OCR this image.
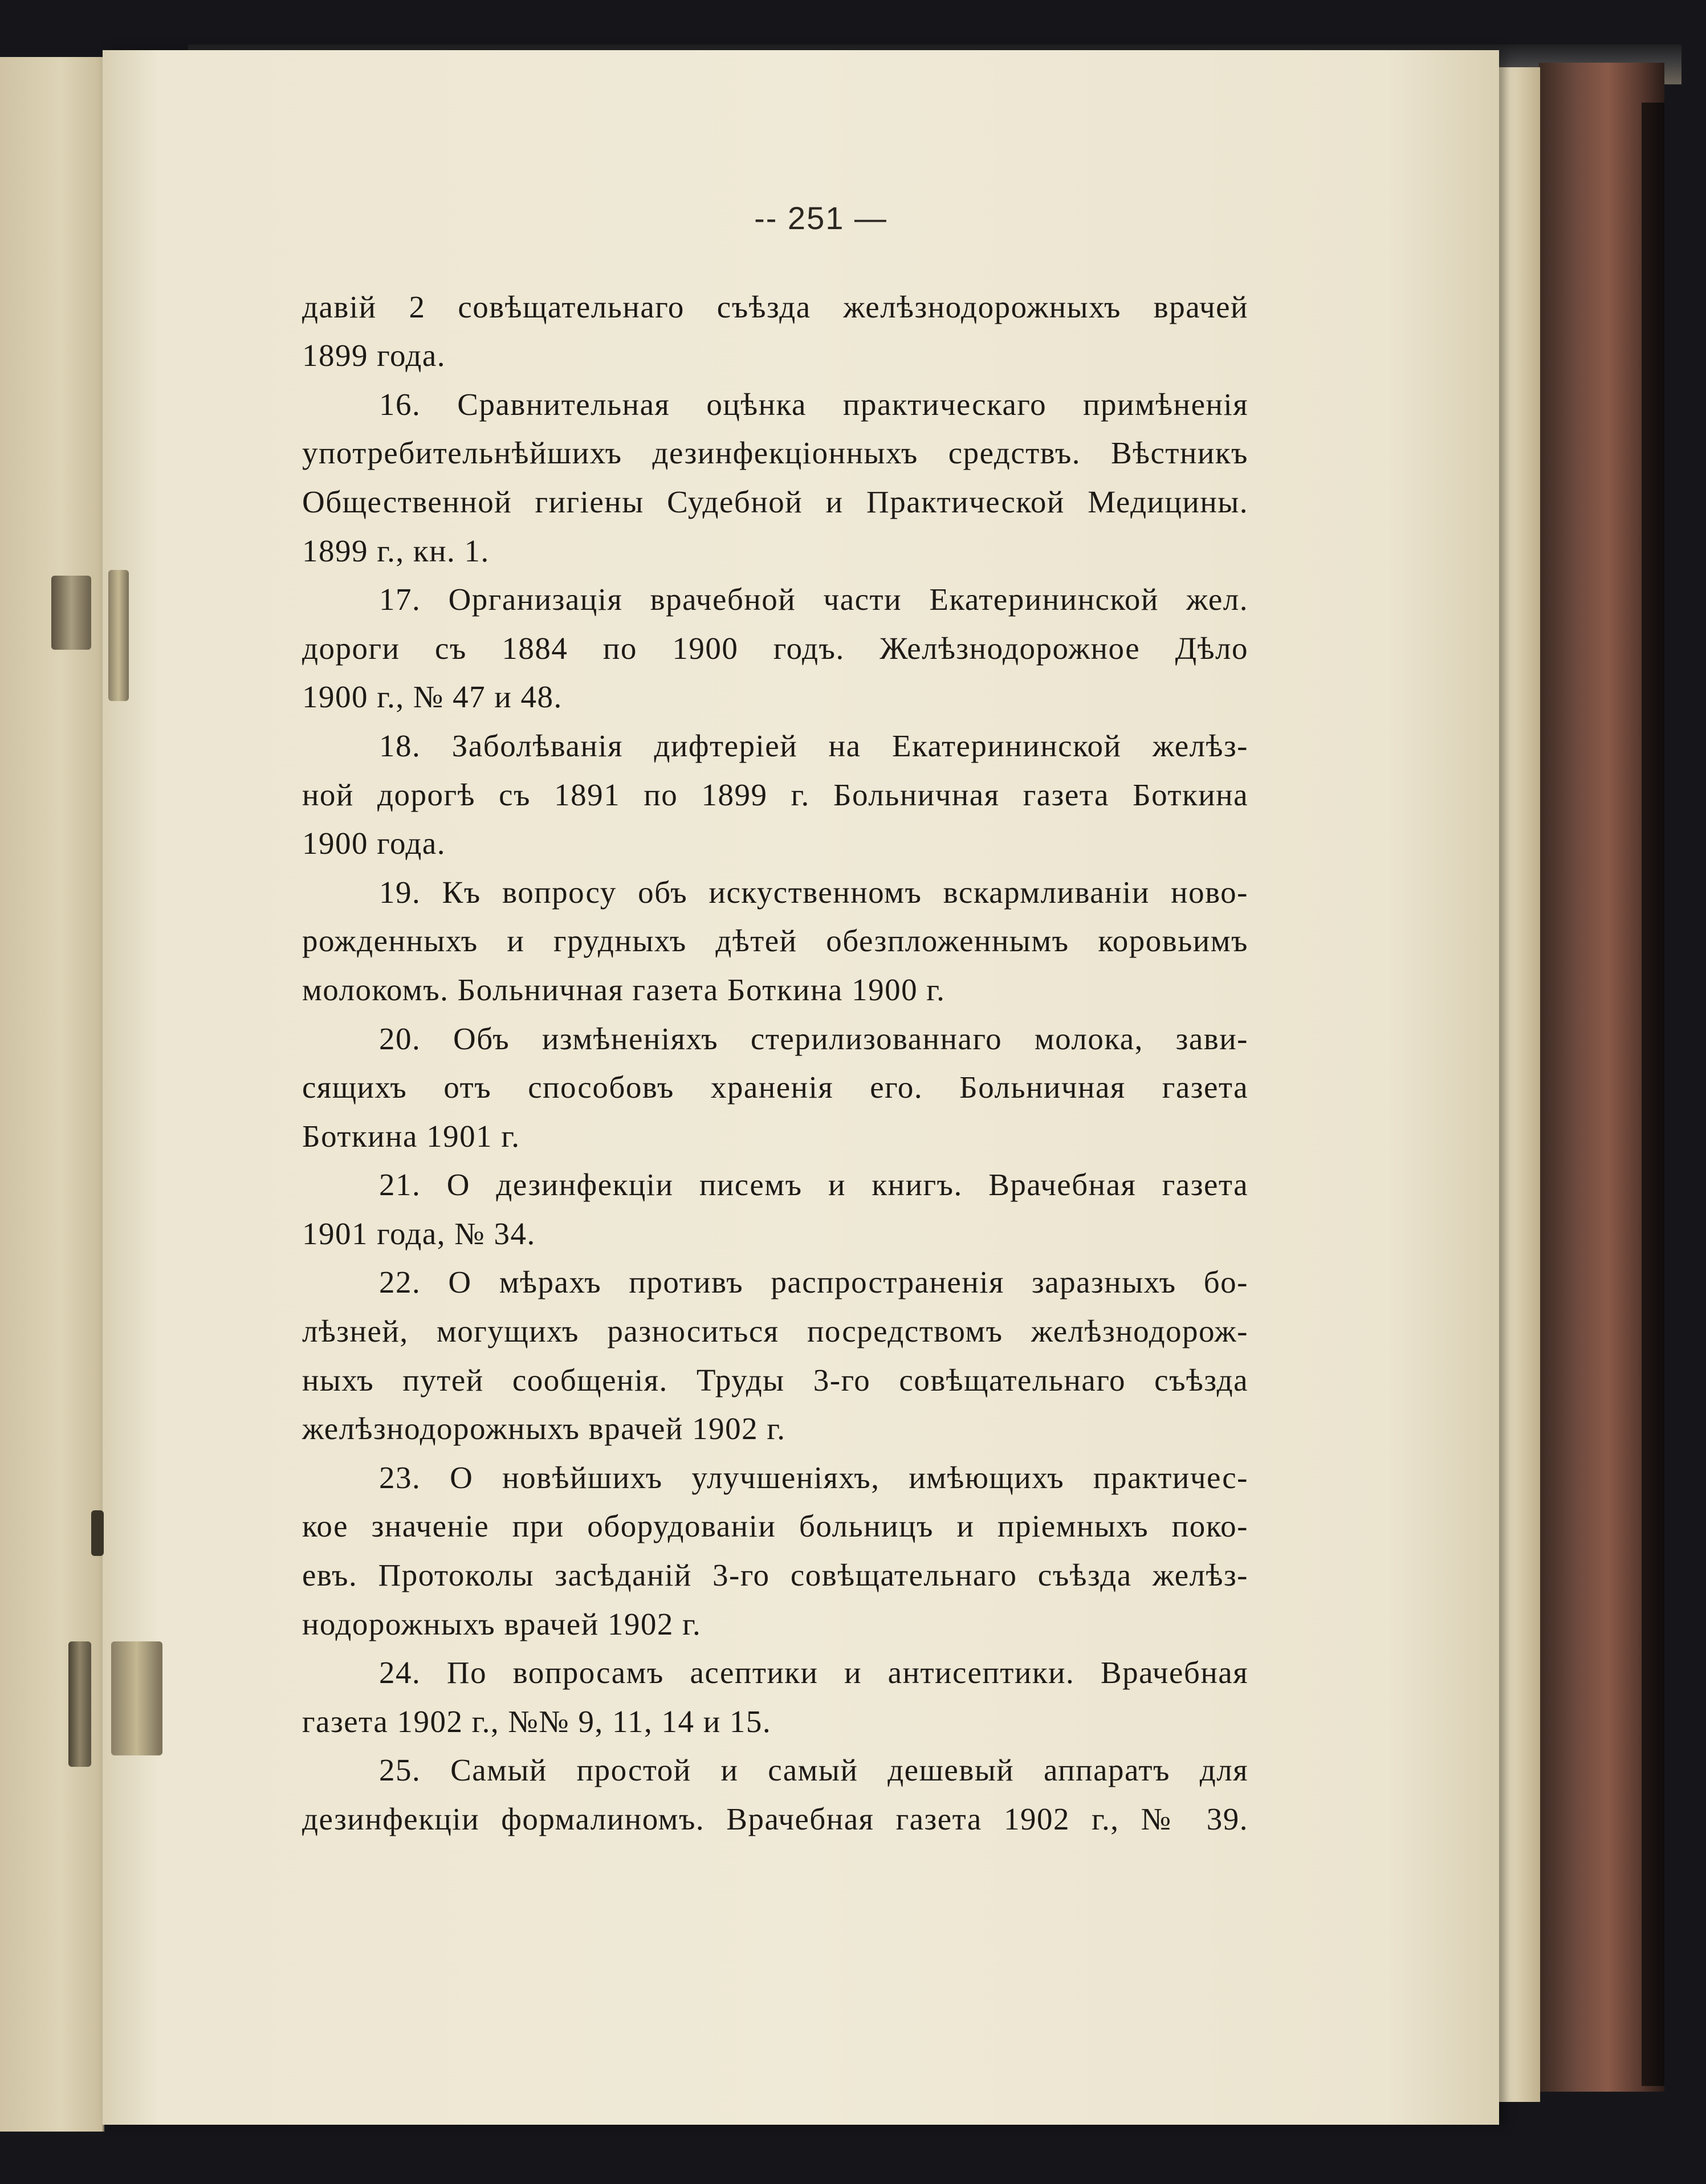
-- 251 —

давій 2 совѣщательнаго съѣзда желѣзнодорожныхъ врачей

1899 года.

16. Сравнительная оцѣнка практическаго примѣненія

употребительнѣйшихъ дезинфекціонныхъ средствъ. Вѣстникъ

Общественной гигіены Судебной и Практической Медицины.

1899 г., кн. 1.

17. Организація врачебной части Екатерининской жел.

дороги съ 1884 по 1900 годъ. Желѣзнодорожное Дѣло

1900 г., № 47 и 48.

18. Заболѣванія дифтеріей на Екатерининской желѣз-

ной дорогѣ съ 1891 по 1899 г. Больничная газета Боткина

1900 года.

19. Къ вопросу объ искуственномъ вскармливаніи ново-

рожденныхъ и грудныхъ дѣтей обезпложеннымъ коровьимъ

молокомъ. Больничная газета Боткина 1900 г.

20. Объ измѣненіяхъ стерилизованнаго молока, зави-

сящихъ отъ способовъ храненія его. Больничная газета

Боткина 1901 г.

21. О дезинфекціи писемъ и книгъ. Врачебная газета

1901 года, № 34.

22. О мѣрахъ противъ распространенія заразныхъ бо-

лѣзней, могущихъ разноситься посредствомъ желѣзнодорож-

ныхъ путей сообщенія. Труды 3-го совѣщательнаго съѣзда

желѣзнодорожныхъ врачей 1902 г.

23. О новѣйшихъ улучшеніяхъ, имѣющихъ практичес-

кое значеніе при оборудованіи больницъ и пріемныхъ поко-

евъ. Протоколы засѣданій 3-го совѣщательнаго съѣзда желѣз-

нодорожныхъ врачей 1902 г.

24. По вопросамъ асептики и антисептики. Врачебная

газета 1902 г., №№ 9, 11, 14 и 15.

25. Самый простой и самый дешевый аппаратъ для

дезинфекціи формалиномъ. Врачебная газета 1902 г., № 39.
